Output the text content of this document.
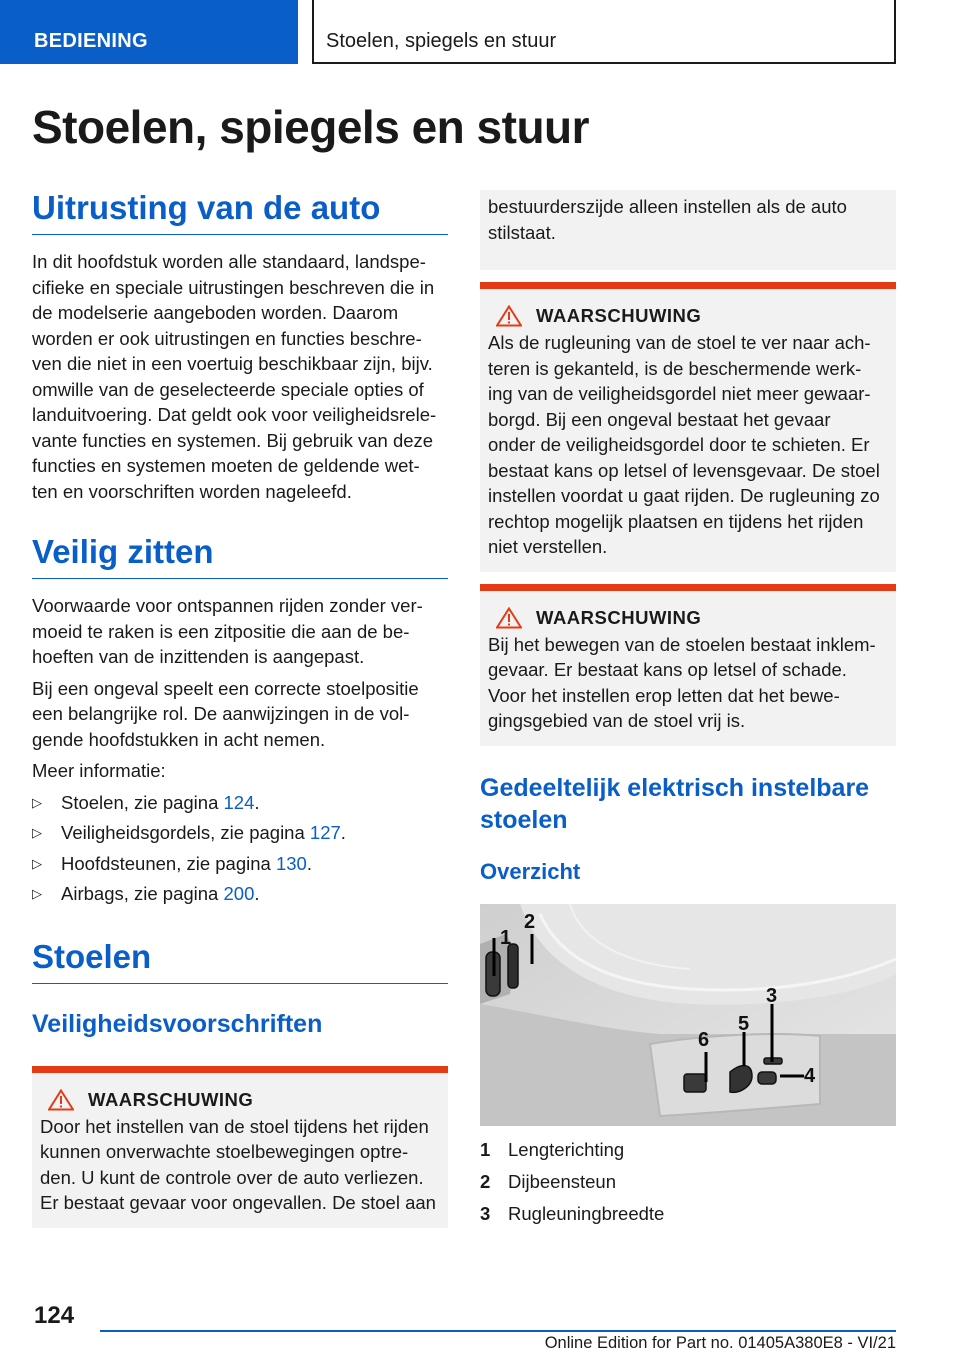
BEDIENING	Stoelen, spiegels en stuur
Stoelen, spiegels en stuur
Uitrusting van de auto

In dit hoofdstuk worden alle standaard, landspe-

cifieke en speciale uitrustingen beschreven die in

de modelserie aangeboden worden. Daarom

worden er ook uitrustingen en functies beschre-

ven die niet in een voertuig beschikbaar zijn, bijv.

omwille van de geselecteerde speciale opties of

landuitvoering. Dat geldt ook voor veiligheidsrele-

vante functies en systemen. Bij gebruik van deze

functies en systemen moeten de geldende wet-

ten en voorschriften worden nageleefd.

Veilig zitten

Voorwaarde voor ontspannen rijden zonder ver-

moeid te raken is een zitpositie die aan de be-

hoeften van de inzittenden is aangepast.

Bij een ongeval speelt een correcte stoelpositie

een belangrijke rol. De aanwijzingen in de vol-

gende hoofdstukken in acht nemen.

Meer informatie:

▷ Stoelen, zie pagina 124.
▷ Veiligheidsgordels, zie pagina 127.
▷ Hoofdsteunen, zie pagina 130.
▷ Airbags, zie pagina 200.
Stoelen
Veiligheidsvoorschriften
WAARSCHUWING

Door het instellen van de stoel tijdens het rijden

kunnen onverwachte stoelbewegingen optre-

den. U kunt de controle over de auto verliezen.

Er bestaat gevaar voor ongevallen. De stoel aan

bestuurderszijde alleen instellen als de auto

stilstaat.

WAARSCHUWING

Als de rugleuning van de stoel te ver naar ach-

teren is gekanteld, is de beschermende werk-

ing van de veiligheidsgordel niet meer gewaar-

borgd. Bij een ongeval bestaat het gevaar

onder de veiligheidsgordel door te schieten. Er

bestaat kans op letsel of levensgevaar. De stoel

instellen voordat u gaat rijden. De rugleuning zo

rechtop mogelijk plaatsen en tijdens het rijden

niet verstellen.

WAARSCHUWING

Bij het bewegen van de stoelen bestaat inklem-

gevaar. Er bestaat kans op letsel of schade.

Voor het instellen erop letten dat het bewe-

gingsgebied van de stoel vrij is.

Gedeeltelijk elektrisch instelbare
stoelen
Overzicht
1
2
3
4
5
6
1 Lengterichting
2 Dijbeensteun
3 Rugleuningbreedte
124
Online Edition for Part no. 01405A380E8 - VI/21
